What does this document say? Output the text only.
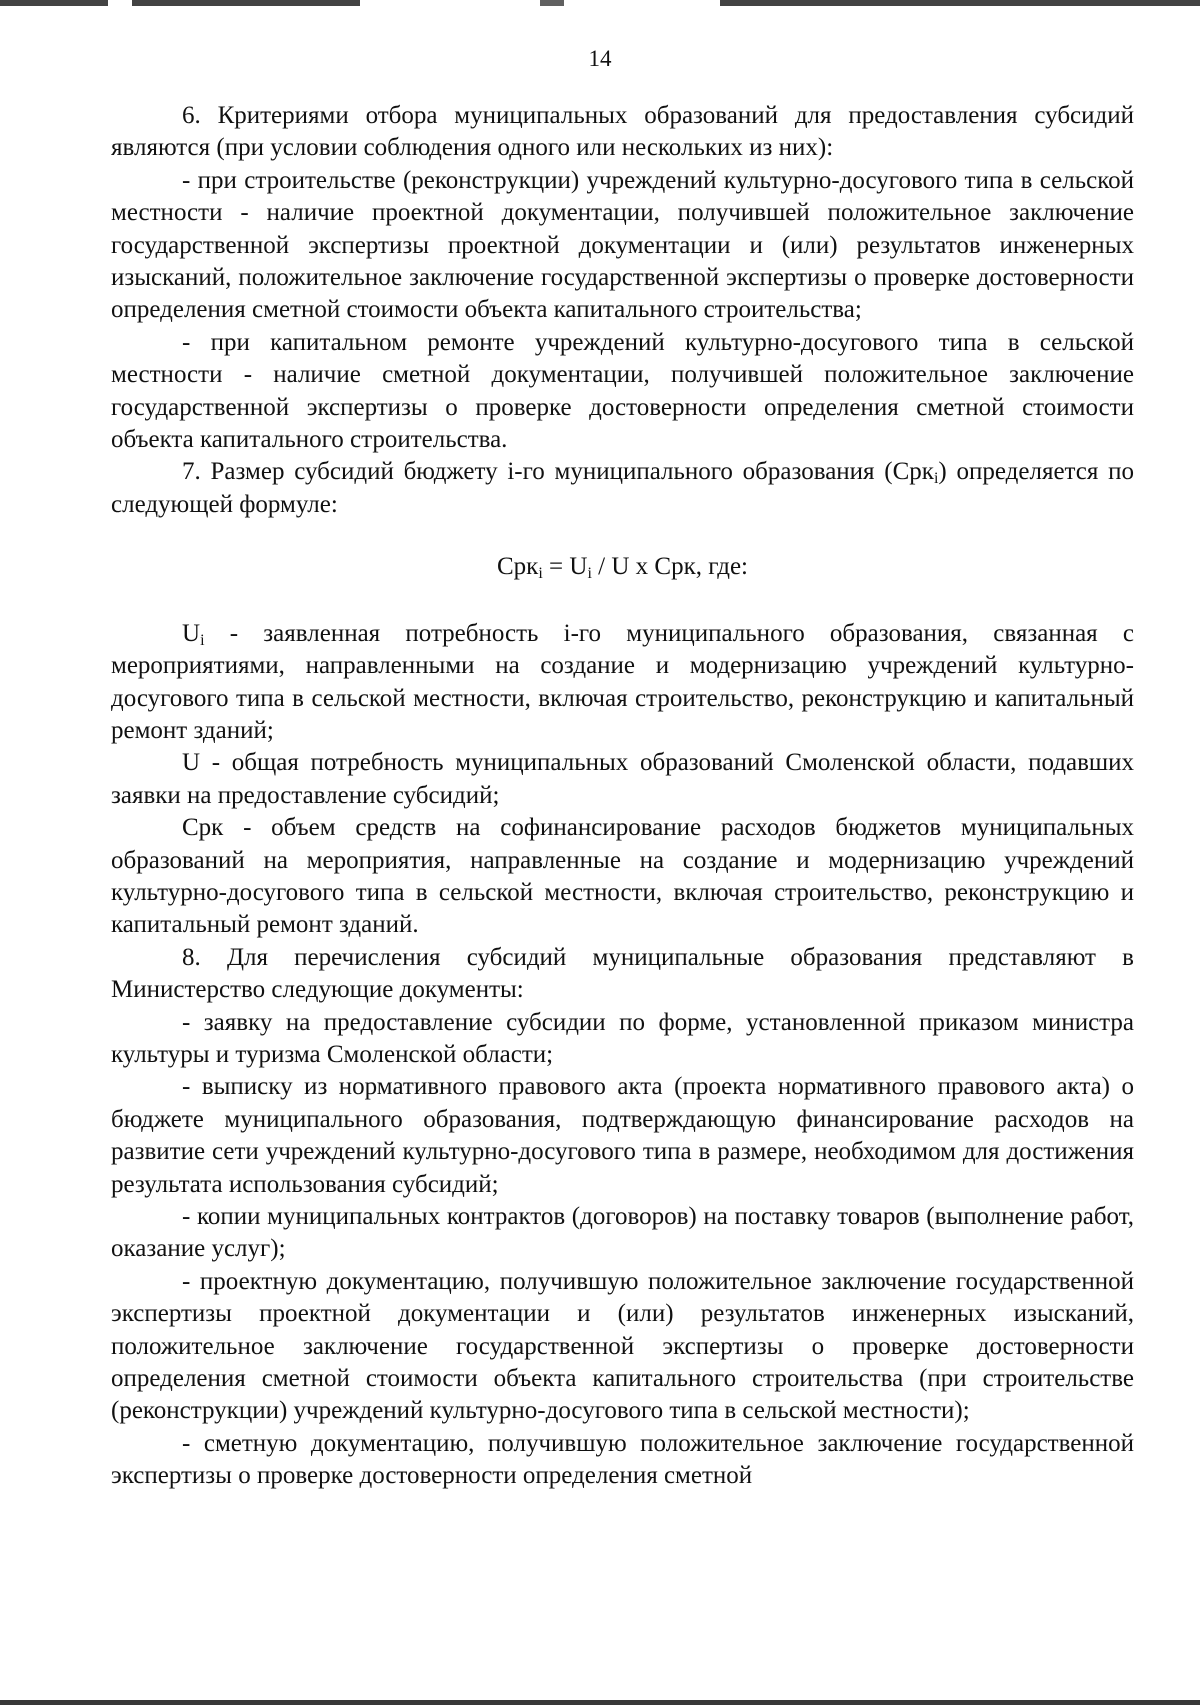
14

6. Критериями отбора муниципальных образований для предоставления субсидий являются (при условии соблюдения одного или нескольких из них):

- при строительстве (реконструкции) учреждений культурно-досугового типа в сельской местности - наличие проектной документации, получившей положительное заключение государственной экспертизы проектной документации и (или) результатов инженерных изысканий, положительное заключение государственной экспертизы о проверке достоверности определения сметной стоимости объекта капитального строительства;

- при капитальном ремонте учреждений культурно-досугового типа в сельской местности - наличие сметной документации, получившей положительное заключение государственной экспертизы о проверке достоверности определения сметной стоимости объекта капитального строительства.

7. Размер субсидий бюджету i-го муниципального образования (Срк$_i$) определяется по следующей формуле:

$Срк_i = U_i / U$ x Срк, где:

$U_i$ - заявленная потребность i-го муниципального образования, связанная с мероприятиями, направленными на создание и модернизацию учреждений культурно-досугового типа в сельской местности, включая строительство, реконструкцию и капитальный ремонт зданий;

U - общая потребность муниципальных образований Смоленской области, подавших заявки на предоставление субсидий;

Срк - объем средств на софинансирование расходов бюджетов муниципальных образований на мероприятия, направленные на создание и модернизацию учреждений культурно-досугового типа в сельской местности, включая строительство, реконструкцию и капитальный ремонт зданий.

8. Для перечисления субсидий муниципальные образования представляют в Министерство следующие документы:

- заявку на предоставление субсидии по форме, установленной приказом министра культуры и туризма Смоленской области;

- выписку из нормативного правового акта (проекта нормативного правового акта) о бюджете муниципального образования, подтверждающую финансирование расходов на развитие сети учреждений культурно-досугового типа в размере, необходимом для достижения результата использования субсидий;

- копии муниципальных контрактов (договоров) на поставку товаров (выполнение работ, оказание услуг);

- проектную документацию, получившую положительное заключение государственной экспертизы проектной документации и (или) результатов инженерных изысканий, положительное заключение государственной экспертизы о проверке достоверности определения сметной стоимости объекта капитального строительства (при строительстве (реконструкции) учреждений культурно-досугового типа в сельской местности);

- сметную документацию, получившую положительное заключение государственной экспертизы о проверке достоверности определения сметной
